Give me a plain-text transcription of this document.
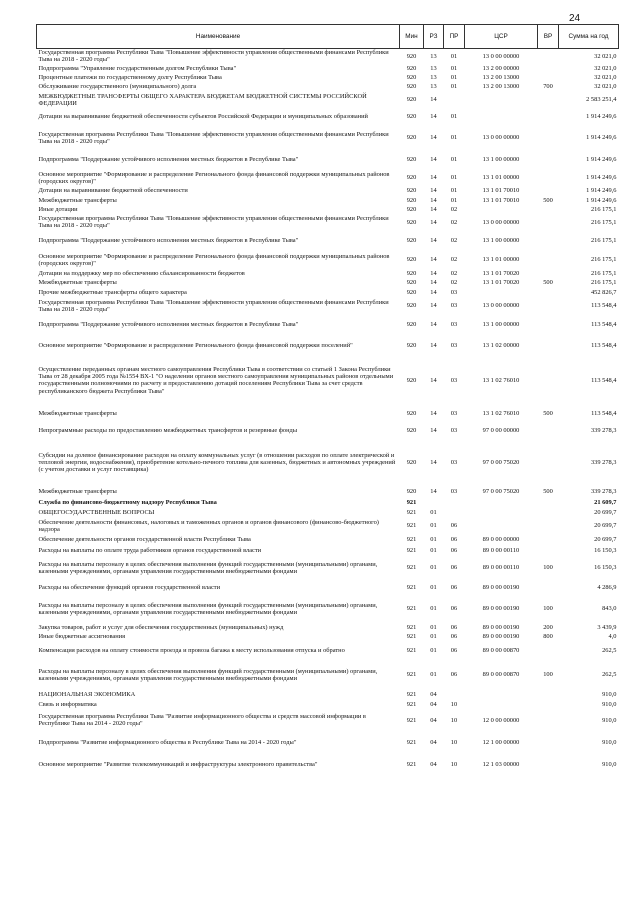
24
Наименование	Мин	РЗ	ПР	ЦСР	ВР	Сумма на год
Государственная программа Республики Тыва "Повышение эффективности управления общественными финансами Республики Тыва на 2018 - 2020 годы"	920	13	01	13 0 00 00000		32 021,0
Подпрограмма "Управление государственным долгом Республики Тыва"	920	13	01	13 2 00 00000		32 021,0
Процентные платежи по государственному долгу Республики Тыва	920	13	01	13 2 00 13000		32 021,0
Обслуживание государственного (муниципального) долга	920	13	01	13 2 00 13000	700	32 021,0
МЕЖБЮДЖЕТНЫЕ ТРАНСФЕРТЫ ОБЩЕГО ХАРАКТЕРА БЮДЖЕТАМ БЮДЖЕТНОЙ СИСТЕМЫ РОССИЙСКОЙ ФЕДЕРАЦИИ	920	14				2 583 251,4
Дотации на выравнивание бюджетной обеспеченности субъектов Российской Федерации и муниципальных образований	920	14	01			1 914 249,6
Государственная программа Республики Тыва "Повышение эффективности управления общественными финансами Республики Тыва на 2018 - 2020 годы"	920	14	01	13 0 00 00000		1 914 249,6
Подпрограмма "Поддержание устойчивого исполнения местных бюджетов в Республике Тыва"	920	14	01	13 1 00 00000		1 914 249,6
Основное мероприятие "Формирование и распределение Регионального фонда финансовой поддержки муниципальных районов (городских округов)"	920	14	01	13 1 01 00000		1 914 249,6
Дотации на выравнивание бюджетной обеспеченности	920	14	01	13 1 01 70010		1 914 249,6
Межбюджетные трансферты	920	14	01	13 1 01 70010	500	1 914 249,6
Иные дотации	920	14	02			216 175,1
Государственная программа Республики Тыва "Повышение эффективности управления общественными финансами Республики Тыва на 2018 - 2020 годы"	920	14	02	13 0 00 00000		216 175,1
Подпрограмма "Поддержание устойчивого исполнения местных бюджетов в Республике Тыва"	920	14	02	13 1 00 00000		216 175,1
Основное мероприятие "Формирование и распределение Регионального фонда финансовой поддержки муниципальных районов (городских округов)"	920	14	02	13 1 01 00000		216 175,1
Дотации на поддержку мер по обеспечению сбалансированности бюджетов	920	14	02	13 1 01 70020		216 175,1
Межбюджетные трансферты	920	14	02	13 1 01 70020	500	216 175,1
Прочие межбюджетные трансферты общего характера	920	14	03			452 826,7
Государственная программа Республики Тыва "Повышение эффективности управления общественными финансами Республики Тыва на 2018 - 2020 годы"	920	14	03	13 0 00 00000		113 548,4
Подпрограмма "Поддержание устойчивого исполнения местных бюджетов в Республике Тыва"	920	14	03	13 1 00 00000		113 548,4
Основное мероприятие "Формирование и распределение Регионального фонда финансовой поддержки поселений"	920	14	03	13 1 02 00000		113 548,4
Осуществление переданных органам местного самоуправления Республики Тыва в соответствии со статьей 1 Закона Республики Тыва от 28 декабря 2005 года №1554 ВХ-1 "О наделении органов местного самоуправления муниципальных районов отдельными государственными полномочиями по расчету и предоставлению дотаций поселениям Республики Тыва за счет средств республиканского бюджета Республики Тыва"	920	14	03	13 1 02 76010		113 548,4
Межбюджетные трансферты	920	14	03	13 1 02 76010	500	113 548,4
Непрограммные расходы по предоставлению межбюджетных трансфертов и резервные фонды	920	14	03	97 0 00 00000		339 278,3
Субсидии на долевое финансирование расходов на оплату коммунальных услуг (в отношении расходов по оплате электрической и тепловой энергии, водоснабжения), приобретение котельно-печного топлива для казенных, бюджетных и автономных учреждений (с учетом доставки и услуг поставщика)	920	14	03	97 0 00 75020		339 278,3
Межбюджетные трансферты	920	14	03	97 0 00 75020	500	339 278,3
Служба по финансово-бюджетному надзору Республики Тыва	921					21 609,7
ОБЩЕГОСУДАРСТВЕННЫЕ ВОПРОСЫ	921	01				20 699,7
Обеспечение деятельности финансовых, налоговых и таможенных органов и органов финансового (финансово-бюджетного) надзора	921	01	06			20 699,7
Обеспечение деятельности органов государственной власти Республики Тыва	921	01	06	89 0 00 00000		20 699,7
Расходы на выплаты по оплате труда работников органов государственной власти	921	01	06	89 0 00 00110		16 150,3
Расходы на выплаты персоналу в целях обеспечения выполнения функций государственными (муниципальными) органами, казенными учреждениями, органами управления государственными внебюджетными фондами	921	01	06	89 0 00 00110	100	16 150,3
Расходы на обеспечение функций органов государственной власти	921	01	06	89 0 00 00190		4 286,9
Расходы на выплаты персоналу в целях обеспечения выполнения функций государственными (муниципальными) органами, казенными учреждениями, органами управления государственными внебюджетными фондами	921	01	06	89 0 00 00190	100	843,0
Закупка товаров, работ и услуг для обеспечения государственных (муниципальных) нужд	921	01	06	89 0 00 00190	200	3 439,9
Иные бюджетные ассигнования	921	01	06	89 0 00 00190	800	4,0
Компенсация расходов на оплату стоимости проезда и провоза багажа к месту использования отпуска и обратно	921	01	06	89 0 00 00870		262,5
Расходы на выплаты персоналу в целях обеспечения выполнения функций государственными (муниципальными) органами, казенными учреждениями, органами управления государственными внебюджетными фондами	921	01	06	89 0 00 00870	100	262,5
НАЦИОНАЛЬНАЯ ЭКОНОМИКА	921	04				910,0
Связь и информатика	921	04	10			910,0
Государственная программа Республики Тыва "Развитие информационного общества и средств массовой информации в Республике Тыва на 2014 - 2020 годы"	921	04	10	12 0 00 00000		910,0
Подпрограмма "Развитие информационного общества в Республике Тыва на 2014 - 2020 годы"	921	04	10	12 1 00 00000		910,0
Основное мероприятие "Развитие телекоммуникаций и инфраструктуры электронного правительства"	921	04	10	12 1 03 00000		910,0
